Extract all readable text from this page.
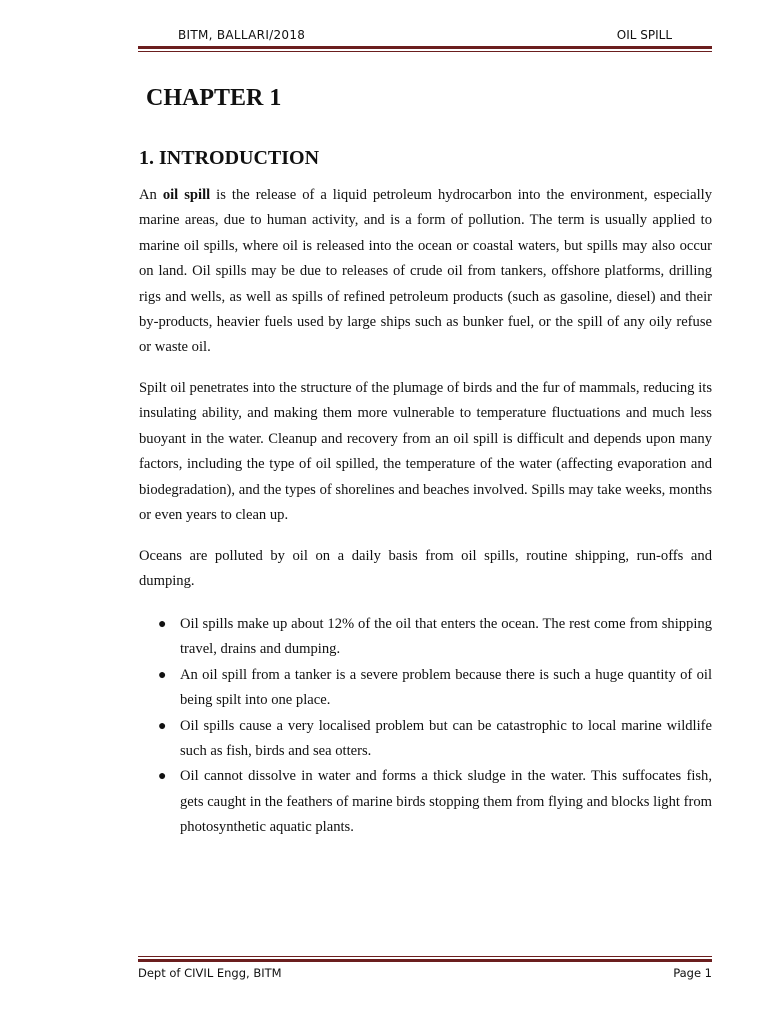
BITM, BALLARI/2018	OIL SPILL
CHAPTER 1
1. INTRODUCTION

An oil spill is the release of a liquid petroleum hydrocarbon into the environment, especially marine areas, due to human activity, and is a form of pollution. The term is usually applied to marine oil spills, where oil is released into the ocean or coastal waters, but spills may also occur on land. Oil spills may be due to releases of crude oil from tankers, offshore platforms, drilling rigs and wells, as well as spills of refined petroleum products (such as gasoline, diesel) and their by-products, heavier fuels used by large ships such as bunker fuel, or the spill of any oily refuse or waste oil.

Spilt oil penetrates into the structure of the plumage of birds and the fur of mammals, reducing its insulating ability, and making them more vulnerable to temperature fluctuations and much less buoyant in the water. Cleanup and recovery from an oil spill is difficult and depends upon many factors, including the type of oil spilled, the temperature of the water (affecting evaporation and biodegradation), and the types of shorelines and beaches involved. Spills may take weeks, months or even years to clean up.

Oceans are polluted by oil on a daily basis from oil spills, routine shipping, run-offs and dumping.

● Oil spills make up about 12% of the oil that enters the ocean. The rest come from shipping travel, drains and dumping.
● An oil spill from a tanker is a severe problem because there is such a huge quantity of oil being spilt into one place.
● Oil spills cause a very localised problem but can be catastrophic to local marine wildlife such as fish, birds and sea otters.
● Oil cannot dissolve in water and forms a thick sludge in the water. This suffocates fish, gets caught in the feathers of marine birds stopping them from flying and blocks light from photosynthetic aquatic plants.
Dept of CIVIL Engg, BITM	Page 1
